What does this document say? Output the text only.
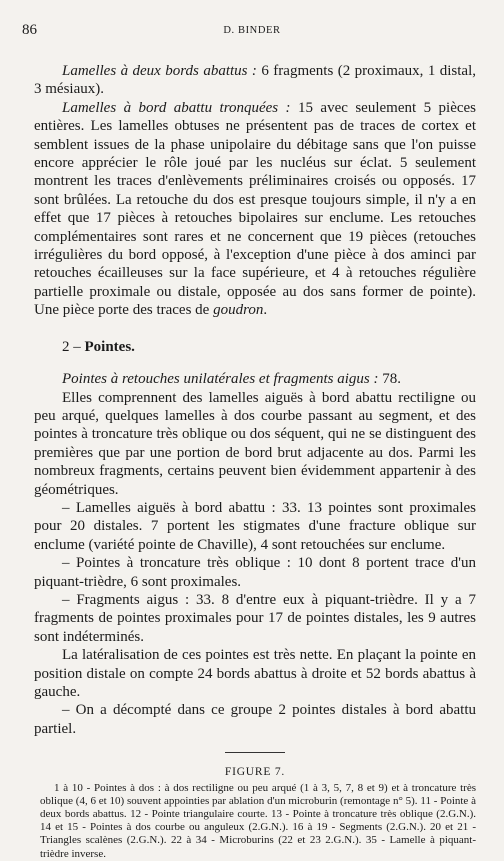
86	D. BINDER

Lamelles à deux bords abattus : 6 fragments (2 proximaux, 1 distal, 3 mésiaux).

Lamelles à bord abattu tronquées : 15 avec seulement 5 pièces entières. Les lamelles obtuses ne présentent pas de traces de cortex et semblent issues de la phase unipolaire du débitage sans que l'on puisse encore apprécier le rôle joué par les nucléus sur éclat. 5 seulement montrent les traces d'enlèvements préliminaires croisés ou opposés. 17 sont brûlées. La retouche du dos est presque toujours simple, il n'y a en effet que 17 pièces à retouches bipolaires sur enclume. Les retouches complémentaires sont rares et ne concernent que 19 pièces (retouches irrégulières du bord opposé, à l'exception d'une pièce à dos aminci par retouches écailleuses sur la face supérieure, et 4 à retouches régulière partielle proximale ou distale, opposée au dos sans former de pointe). Une pièce porte des traces de goudron.

2 – Pointes.

Pointes à retouches unilatérales et fragments aigus : 78.

Elles comprennent des lamelles aiguës à bord abattu rectiligne ou peu arqué, quelques lamelles à dos courbe passant au segment, et des pointes à troncature très oblique ou dos séquent, qui ne se distinguent des premières que par une portion de bord brut adjacente au dos. Parmi les nombreux fragments, certains peuvent bien évidemment appartenir à des géométriques.

– Lamelles aiguës à bord abattu : 33. 13 pointes sont proximales pour 20 distales. 7 portent les stigmates d'une fracture oblique sur enclume (variété pointe de Chaville), 4 sont retouchées sur enclume.

– Pointes à troncature très oblique : 10 dont 8 portent trace d'un piquant-trièdre, 6 sont proximales.

– Fragments aigus : 33. 8 d'entre eux à piquant-trièdre. Il y a 7 fragments de pointes proximales pour 17 de pointes distales, les 9 autres sont indéterminés.

La latéralisation de ces pointes est très nette. En plaçant la pointe en position distale on compte 24 bords abattus à droite et 52 bords abattus à gauche.

– On a décompté dans ce groupe 2 pointes distales à bord abattu partiel.

FIGURE 7.

1 à 10 - Pointes à dos : à dos rectiligne ou peu arqué (1 à 3, 5, 7, 8 et 9) et à troncature très oblique (4, 6 et 10) souvent appointies par ablation d'un microburin (remontage n° 5). 11 - Pointe à deux bords abattus. 12 - Pointe triangulaire courte. 13 - Pointe à troncature très oblique (2.G.N.). 14 et 15 - Pointes à dos courbe ou anguleux (2.G.N.). 16 à 19 - Segments (2.G.N.). 20 et 21 - Triangles scalènes (2.G.N.). 22 à 34 - Microburins (22 et 23 2.G.N.). 35 - Lamelle à piquant-trièdre inverse.
